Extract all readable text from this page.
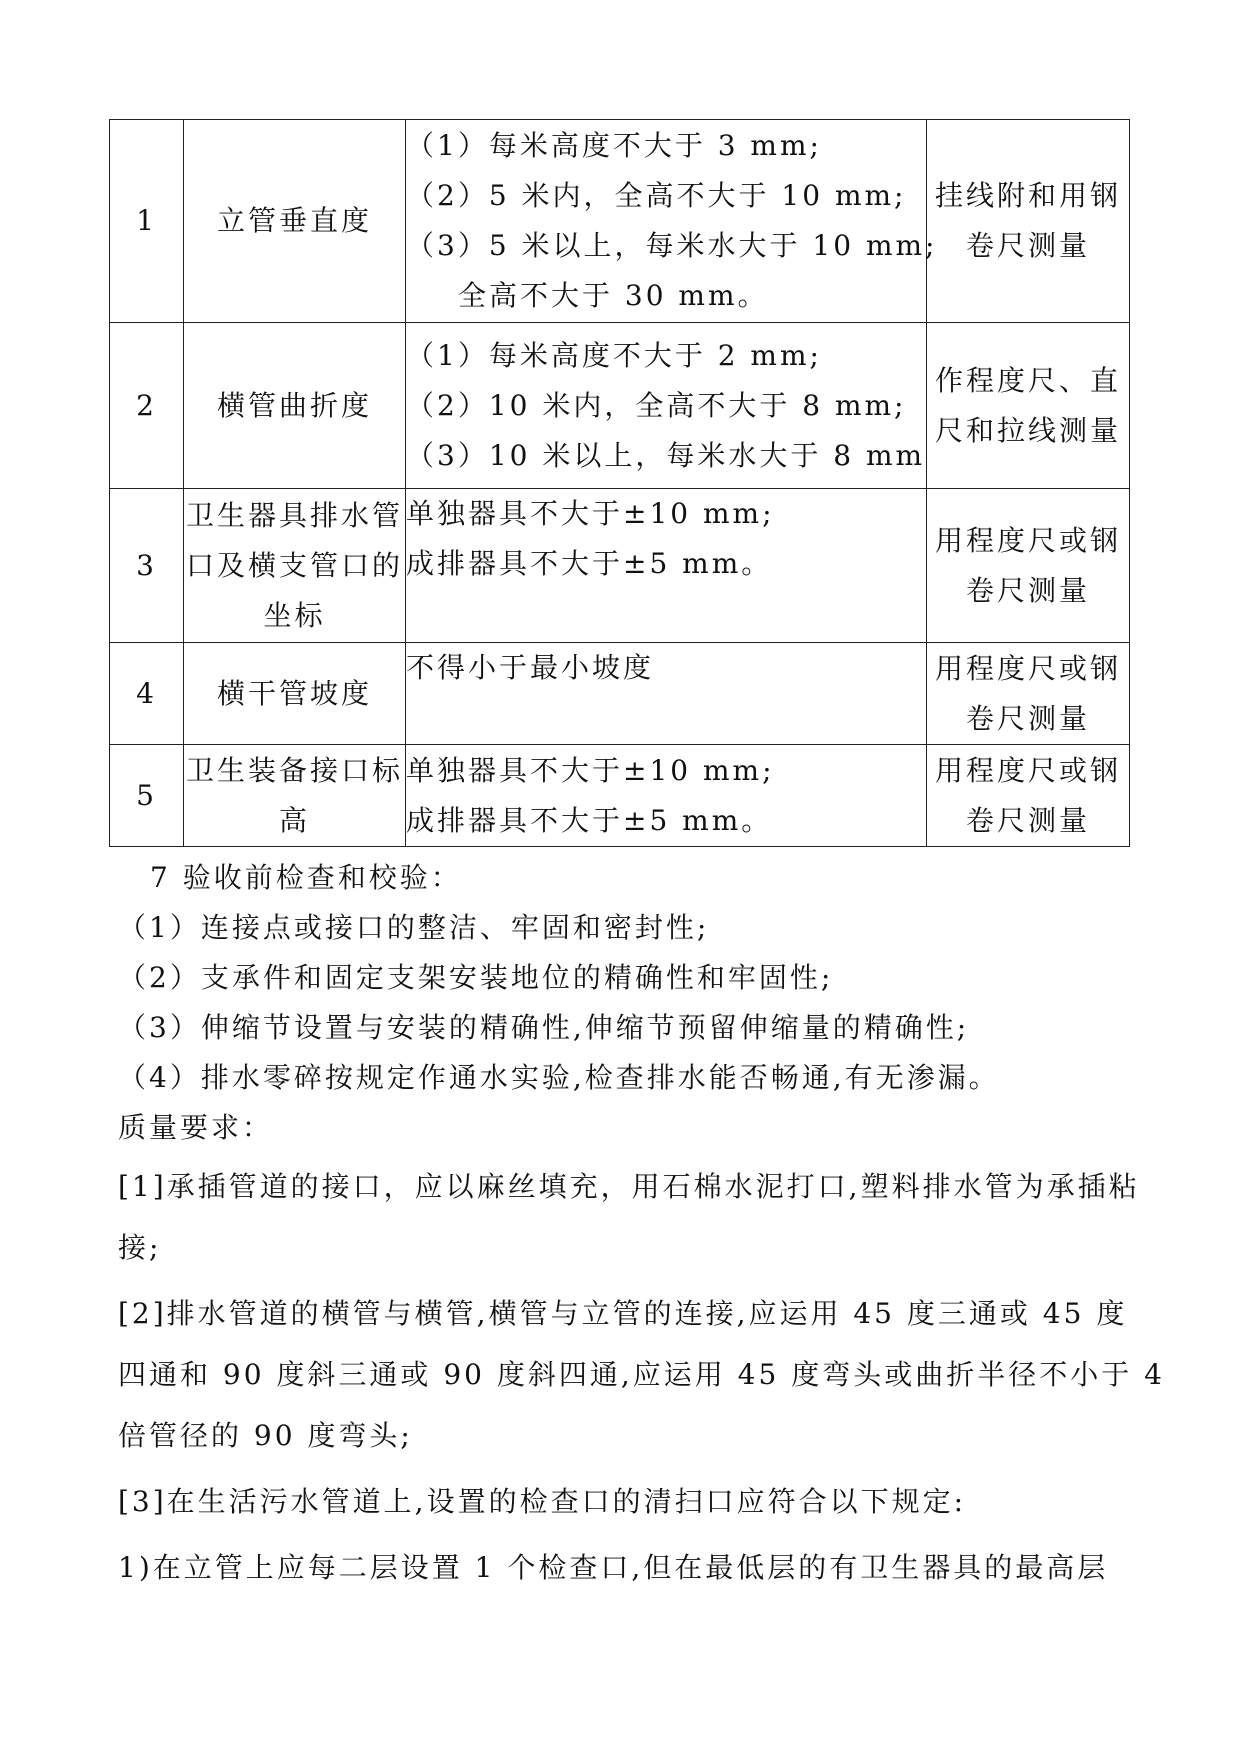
1	立管垂直度	（1）每米高度不大于 3 mm;
（2）5 米内，全高不大于 10 mm;
（3）5 米以上，每米水大于 10 mm;
全高不大于 30 mm。	挂线附和用钢
卷尺测量

2	横管曲折度	（1）每米高度不大于 2 mm;
（2）10 米内，全高不大于 8 mm;
（3）10 米以上，每米水大于 8 mm	作程度尺、直
尺和拉线测量

3	卫生器具排水管
口及横支管口的
坐标	单独器具不大于±10 mm;
成排器具不大于±5 mm。	用程度尺或钢
卷尺测量

4	横干管坡度	不得小于最小坡度	用程度尺或钢
卷尺测量

5	卫生装备接口标
高	单独器具不大于±10 mm;
成排器具不大于±5 mm。	用程度尺或钢
卷尺测量
7 验收前检查和校验：
（1）连接点或接口的整洁、牢固和密封性;
（2）支承件和固定支架安装地位的精确性和牢固性;
（3）伸缩节设置与安装的精确性,伸缩节预留伸缩量的精确性;
（4）排水零碎按规定作通水实验,检查排水能否畅通,有无渗漏。
质量要求：
[1]承插管道的接口，应以麻丝填充，用石棉水泥打口,塑料排水管为承插粘
接;
[2]排水管道的横管与横管,横管与立管的连接,应运用 45 度三通或 45 度
四通和 90 度斜三通或 90 度斜四通,应运用 45 度弯头或曲折半径不小于 4
倍管径的 90 度弯头;
[3]在生活污水管道上,设置的检查口的清扫口应符合以下规定:
1)在立管上应每二层设置 1 个检查口,但在最低层的有卫生器具的最高层
